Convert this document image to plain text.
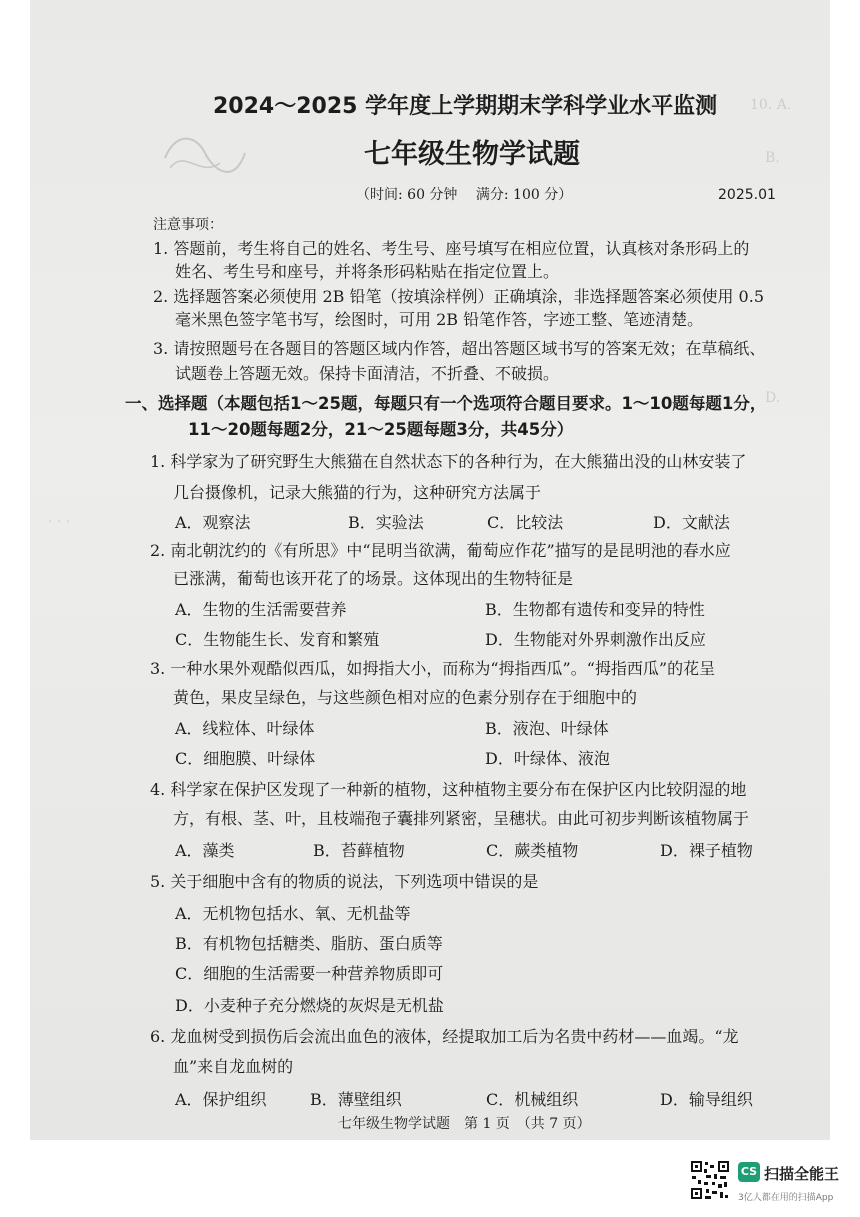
10. A.
B.
D.
. . .
2024～2025 学年度上学期期末学科学业水平监测
七年级生物学试题
（时间: 60 分钟　 满分: 100 分）	2025.01
注意事项：
1. 答题前，考生将自己的姓名、考生号、座号填写在相应位置，认真核对条形码上的
姓名、考生号和座号，并将条形码粘贴在指定位置上。
2. 选择题答案必须使用 2B 铅笔（按填涂样例）正确填涂，非选择题答案必须使用 0.5
毫米黑色签字笔书写，绘图时，可用 2B 铅笔作答，字迹工整、笔迹清楚。
3. 请按照题号在各题目的答题区域内作答，超出答题区域书写的答案无效；在草稿纸、
试题卷上答题无效。保持卡面清洁，不折叠、不破损。
一、选择题（本题包括1～25题，每题只有一个选项符合题目要求。1～10题每题1分，
11～20题每题2分，21～25题每题3分，共45分）
1. 科学家为了研究野生大熊猫在自然状态下的各种行为，在大熊猫出没的山林安装了
几台摄像机，记录大熊猫的行为，这种研究方法属于
A．观察法	B．实验法	C．比较法	D．文献法
2. 南北朝沈约的《有所思》中“昆明当欲满，葡萄应作花”描写的是昆明池的春水应
已涨满，葡萄也该开花了的场景。这体现出的生物特征是
A．生物的生活需要营养	B．生物都有遗传和变异的特性
C．生物能生长、发育和繁殖	D．生物能对外界刺激作出反应
3. 一种水果外观酷似西瓜，如拇指大小，而称为“拇指西瓜”。“拇指西瓜”的花呈
黄色，果皮呈绿色，与这些颜色相对应的色素分别存在于细胞中的
A．线粒体、叶绿体	B．液泡、叶绿体
C．细胞膜、叶绿体	D．叶绿体、液泡
4. 科学家在保护区发现了一种新的植物，这种植物主要分布在保护区内比较阴湿的地
方，有根、茎、叶，且枝端孢子囊排列紧密，呈穗状。由此可初步判断该植物属于
A．藻类	B．苔藓植物	C．蕨类植物	D．裸子植物
5. 关于细胞中含有的物质的说法，下列选项中错误的是
A．无机物包括水、氧、无机盐等
B．有机物包括糖类、脂肪、蛋白质等
C．细胞的生活需要一种营养物质即可
D．小麦种子充分燃烧的灰烬是无机盐
6. 龙血树受到损伤后会流出血色的液体，经提取加工后为名贵中药材——血竭。“龙
血”来自龙血树的
A．保护组织	B．薄壁组织	C．机械组织	D．输导组织
七年级生物学试题　第 1 页　（共 7 页）
CS 扫描全能王
3亿人都在用的扫描App
